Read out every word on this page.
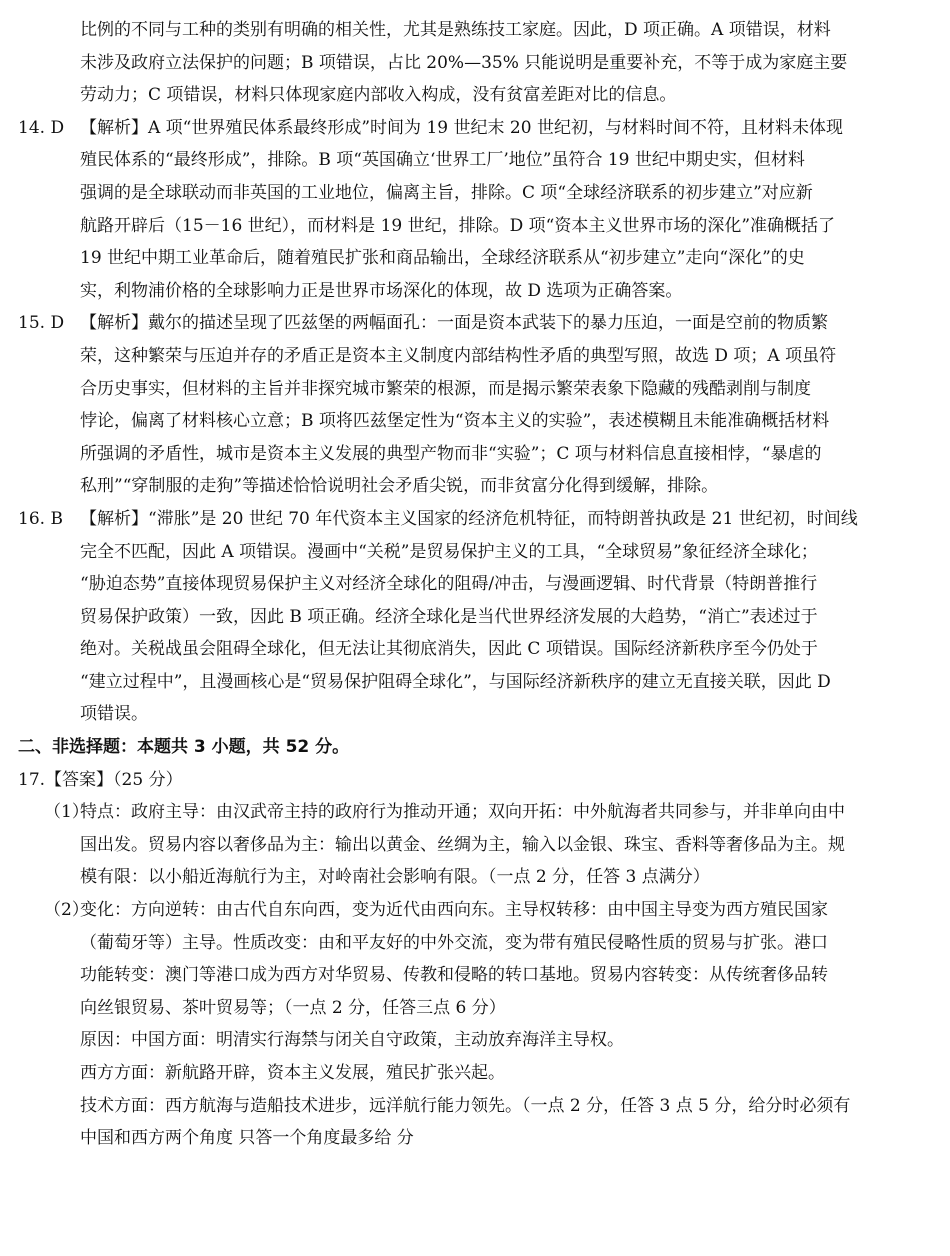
比例的不同与工种的类别有明确的相关性，尤其是熟练技工家庭。因此，D 项正确。A 项错误，材料
未涉及政府立法保护的问题；B 项错误，占比 20%—35% 只能说明是重要补充，不等于成为家庭主要
劳动力；C 项错误，材料只体现家庭内部收入构成，没有贫富差距对比的信息。
14. D 【解析】A 项“世界殖民体系最终形成”时间为 19 世纪末 20 世纪初，与材料时间不符，且材料未体现
殖民体系的“最终形成”，排除。B 项“英国确立‘世界工厂’地位”虽符合 19 世纪中期史实，但材料
强调的是全球联动而非英国的工业地位，偏离主旨，排除。C 项“全球经济联系的初步建立”对应新
航路开辟后（15－16 世纪），而材料是 19 世纪，排除。D 项“资本主义世界市场的深化”准确概括了
19 世纪中期工业革命后，随着殖民扩张和商品输出，全球经济联系从“初步建立”走向“深化”的史
实，利物浦价格的全球影响力正是世界市场深化的体现，故 D 选项为正确答案。
15. D 【解析】戴尔的描述呈现了匹兹堡的两幅面孔：一面是资本武装下的暴力压迫，一面是空前的物质繁
荣，这种繁荣与压迫并存的矛盾正是资本主义制度内部结构性矛盾的典型写照，故选 D 项；A 项虽符
合历史事实，但材料的主旨并非探究城市繁荣的根源，而是揭示繁荣表象下隐藏的残酷剥削与制度
悖论，偏离了材料核心立意；B 项将匹兹堡定性为“资本主义的实验”，表述模糊且未能准确概括材料
所强调的矛盾性，城市是资本主义发展的典型产物而非“实验”；C 项与材料信息直接相悖，“暴虐的
私刑”“穿制服的走狗”等描述恰恰说明社会矛盾尖锐，而非贫富分化得到缓解，排除。
16. B 【解析】“滞胀”是 20 世纪 70 年代资本主义国家的经济危机特征，而特朗普执政是 21 世纪初，时间线
完全不匹配，因此 A 项错误。漫画中“关税”是贸易保护主义的工具，“全球贸易”象征经济全球化；
“胁迫态势”直接体现贸易保护主义对经济全球化的阻碍/冲击，与漫画逻辑、时代背景（特朗普推行
贸易保护政策）一致，因此 B 项正确。经济全球化是当代世界经济发展的大趋势，“消亡”表述过于
绝对。关税战虽会阻碍全球化，但无法让其彻底消失，因此 C 项错误。国际经济新秩序至今仍处于
“建立过程中”，且漫画核心是“贸易保护阻碍全球化”，与国际经济新秩序的建立无直接关联，因此 D
项错误。
二、非选择题：本题共 3 小题，共 52 分。
17.【答案】（25 分）
（1）特点：政府主导：由汉武帝主持的政府行为推动开通；双向开拓：中外航海者共同参与，并非单向由中
国出发。贸易内容以奢侈品为主：输出以黄金、丝绸为主，输入以金银、珠宝、香料等奢侈品为主。规
模有限：以小船近海航行为主，对岭南社会影响有限。（一点 2 分，任答 3 点满分）
（2）变化：方向逆转：由古代自东向西，变为近代由西向东。主导权转移：由中国主导变为西方殖民国家
（葡萄牙等）主导。性质改变：由和平友好的中外交流，变为带有殖民侵略性质的贸易与扩张。港口
功能转变：澳门等港口成为西方对华贸易、传教和侵略的转口基地。贸易内容转变：从传统奢侈品转
向丝银贸易、茶叶贸易等；（一点 2 分，任答三点 6 分）
原因：中国方面：明清实行海禁与闭关自守政策，主动放弃海洋主导权。
西方方面：新航路开辟，资本主义发展，殖民扩张兴起。
技术方面：西方航海与造船技术进步，远洋航行能力领先。（一点 2 分，任答 3 点 5 分，给分时必须有
中国和西方两个角度 只答一个角度最多给 分
